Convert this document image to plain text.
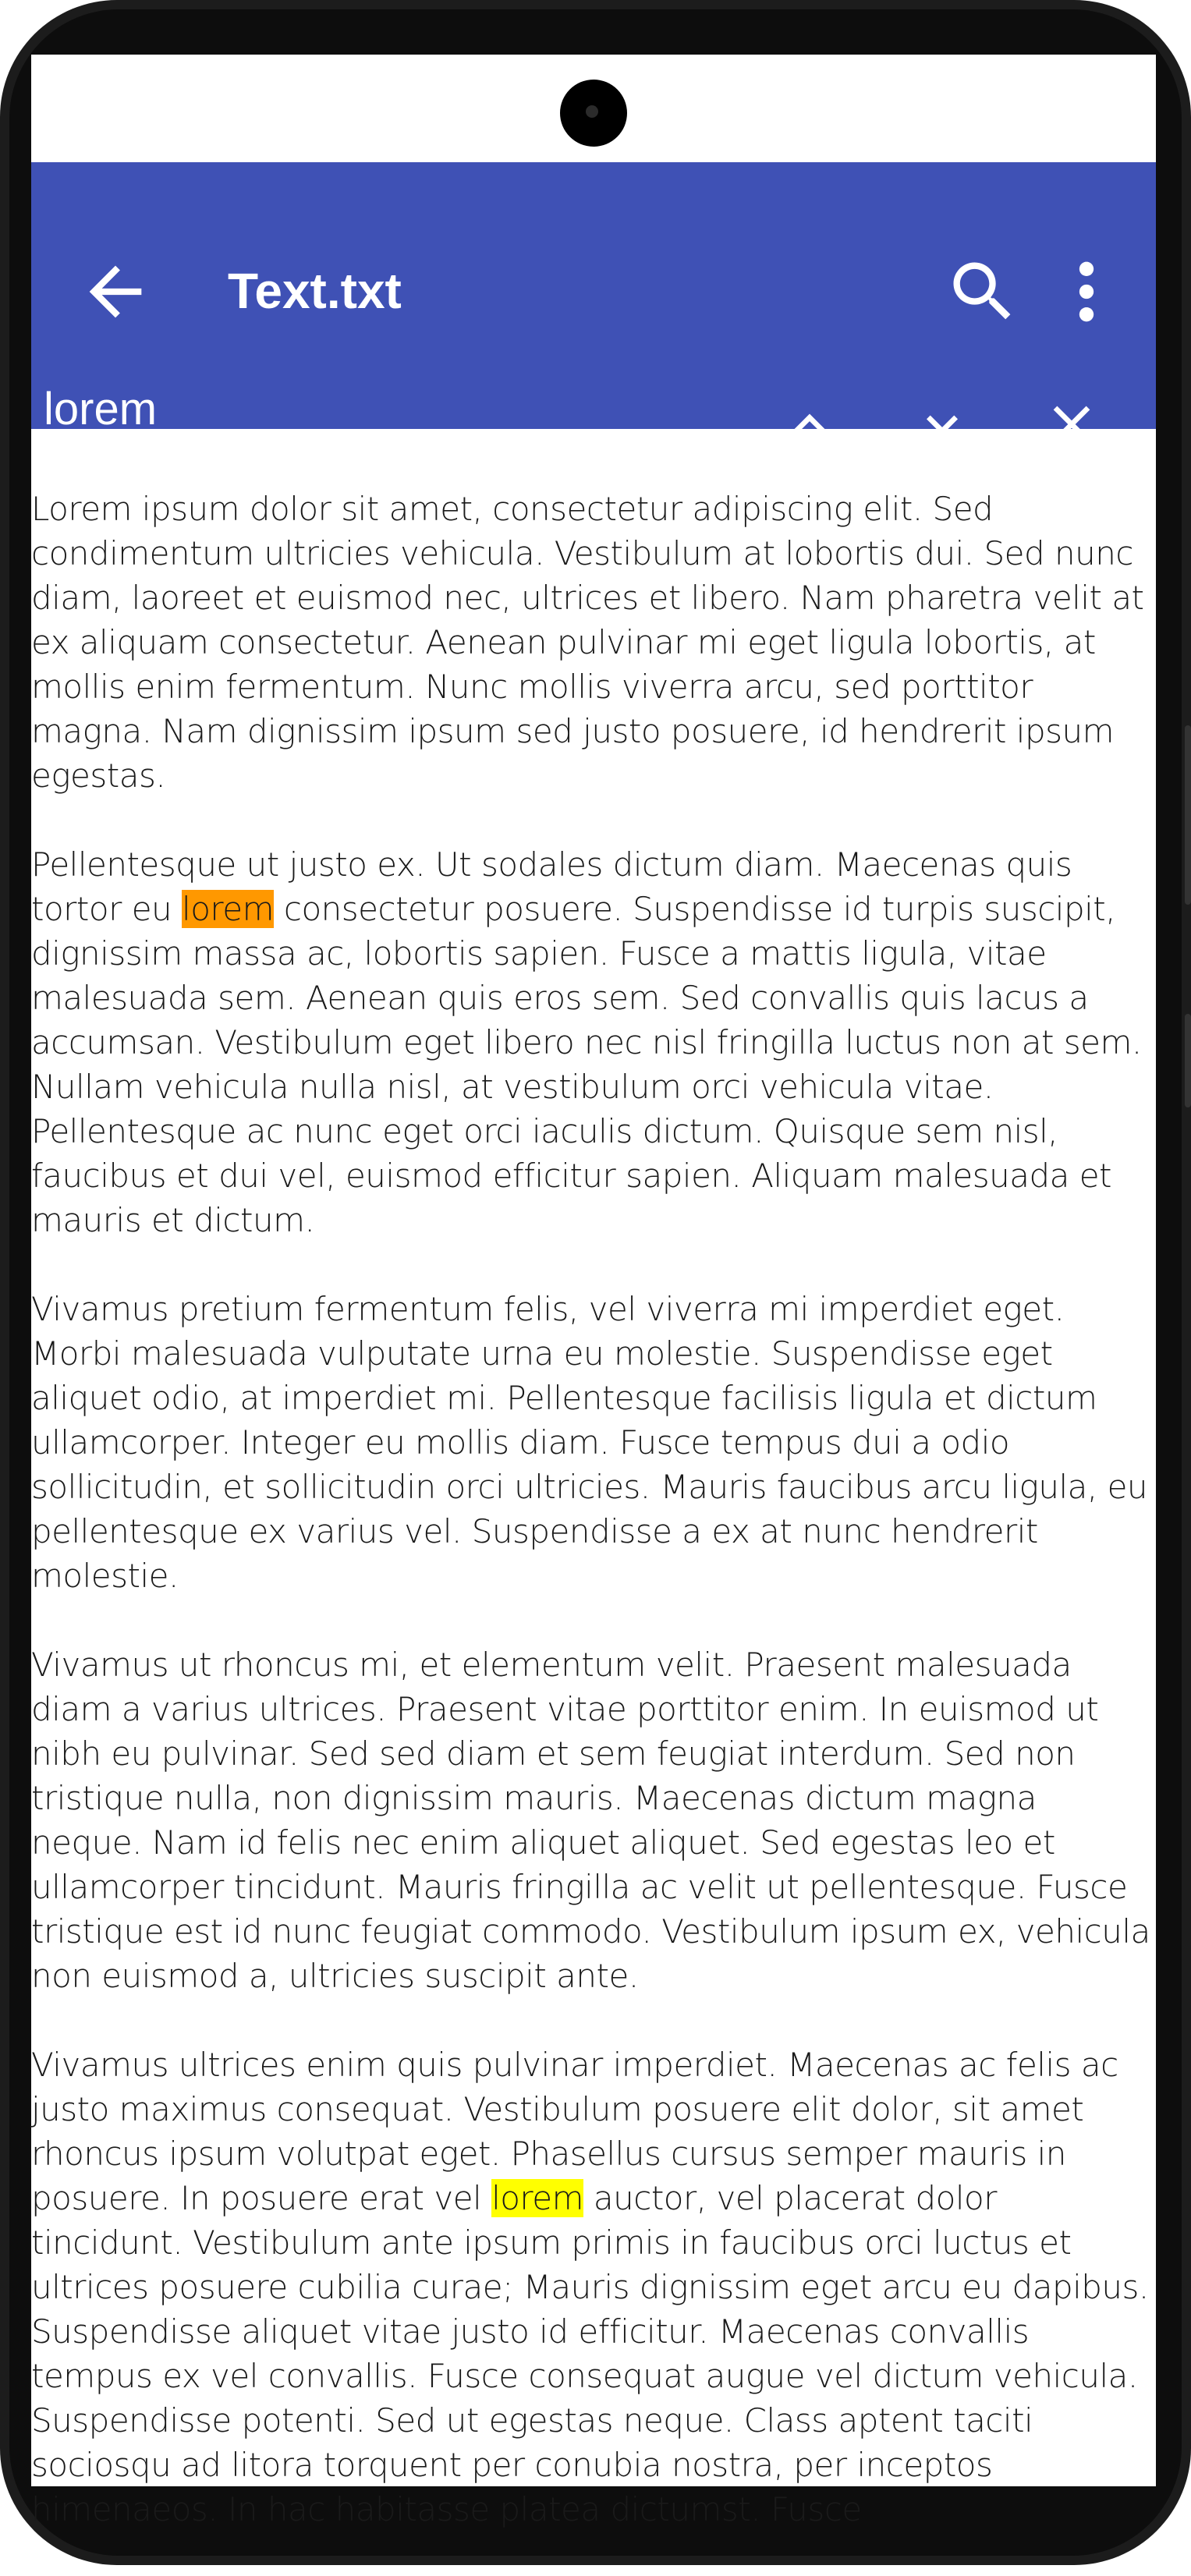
Text.txt
lorem

Lorem ipsum dolor sit amet, consectetur adipiscing elit. Sed condimentum ultricies vehicula. Vestibulum at lobortis dui. Sed nunc diam, laoreet et euismod nec, ultrices et libero. Nam pharetra velit at ex aliquam consectetur. Aenean pulvinar mi eget ligula lobortis, at mollis enim fermentum. Nunc mollis viverra arcu, sed porttitor magna. Nam dignissim ipsum sed justo posuere, id hendrerit ipsum egestas.

Pellentesque ut justo ex. Ut sodales dictum diam. Maecenas quis tortor eu lorem consectetur posuere. Suspendisse id turpis suscipit, dignissim massa ac, lobortis sapien. Fusce a mattis ligula, vitae malesuada sem. Aenean quis eros sem. Sed convallis quis lacus a accumsan. Vestibulum eget libero nec nisl fringilla luctus non at sem. Nullam vehicula nulla nisl, at vestibulum orci vehicula vitae. Pellentesque ac nunc eget orci iaculis dictum. Quisque sem nisl, faucibus et dui vel, euismod efficitur sapien. Aliquam malesuada et mauris et dictum.

Vivamus pretium fermentum felis, vel viverra mi imperdiet eget. Morbi malesuada vulputate urna eu molestie. Suspendisse eget aliquet odio, at imperdiet mi. Pellentesque facilisis ligula et dictum ullamcorper. Integer eu mollis diam. Fusce tempus dui a odio sollicitudin, et sollicitudin orci ultricies. Mauris faucibus arcu ligula, eu pellentesque ex varius vel. Suspendisse a ex at nunc hendrerit molestie.

Vivamus ut rhoncus mi, et elementum velit. Praesent malesuada diam a varius ultrices. Praesent vitae porttitor enim. In euismod ut nibh eu pulvinar. Sed sed diam et sem feugiat interdum. Sed non tristique nulla, non dignissim mauris. Maecenas dictum magna neque. Nam id felis nec enim aliquet aliquet. Sed egestas leo et ullamcorper tincidunt. Mauris fringilla ac velit ut pellentesque. Fusce tristique est id nunc feugiat commodo. Vestibulum ipsum ex, vehicula non euismod a, ultricies suscipit ante.

Vivamus ultrices enim quis pulvinar imperdiet. Maecenas ac felis ac justo maximus consequat. Vestibulum posuere elit dolor, sit amet rhoncus ipsum volutpat eget. Phasellus cursus semper mauris in posuere. In posuere erat vel lorem auctor, vel placerat dolor tincidunt. Vestibulum ante ipsum primis in faucibus orci luctus et ultrices posuere cubilia curae; Mauris dignissim eget arcu eu dapibus. Suspendisse aliquet vitae justo id efficitur. Maecenas convallis tempus ex vel convallis. Fusce consequat augue vel dictum vehicula. Suspendisse potenti. Sed ut egestas neque. Class aptent taciti sociosqu ad litora torquent per conubia nostra, per inceptos himenaeos. In hac habitasse platea dictumst. Fusce
